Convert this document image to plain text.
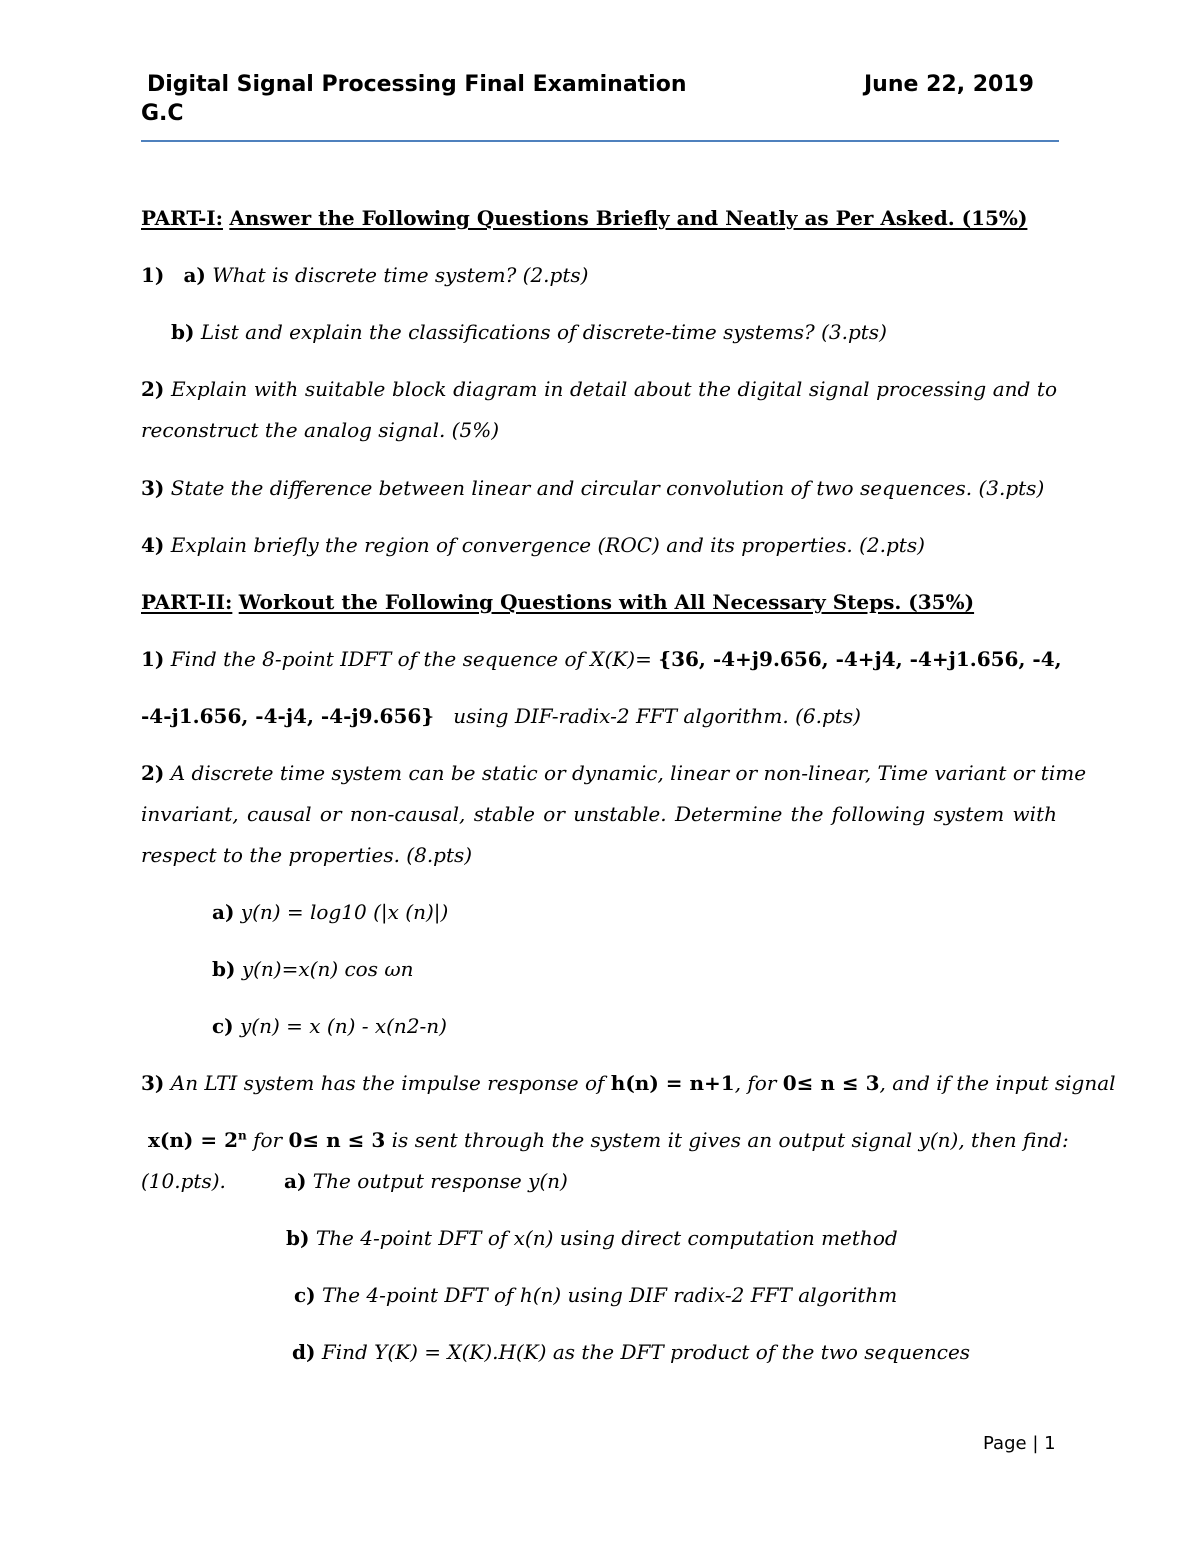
Digital Signal Processing Final Examination	June 22, 2019
G.C
PART-I: Answer the Following Questions Briefly and Neatly as Per Asked. (15%)
1) a) What is discrete time system? (2.pts)
b) List and explain the classifications of discrete-time systems? (3.pts)
2) Explain with suitable block diagram in detail about the digital signal processing and to
reconstruct the analog signal. (5%)
3) State the difference between linear and circular convolution of two sequences. (3.pts)
4) Explain briefly the region of convergence (ROC) and its properties. (2.pts)
PART-II: Workout the Following Questions with All Necessary Steps. (35%)
1) Find the 8-point IDFT of the sequence of X(K)= {36, -4+j9.656, -4+j4, -4+j1.656, -4,
-4-j1.656, -4-j4, -4-j9.656} using DIF-radix-2 FFT algorithm. (6.pts)
2) A discrete time system can be static or dynamic, linear or non-linear, Time variant or time
invariant, causal or non-causal, stable or unstable. Determine the following system with
respect to the properties. (8.pts)
a) y(n) = log10 (|x (n)|)
b) y(n)=x(n) cos ωn
c) y(n) = x (n) - x(n2-n)
3) An LTI system has the impulse response of h(n) = n+1, for 0≤ n ≤ 3, and if the input signal
$x(n) = 2^n$ for 0≤ n ≤ 3 is sent through the system it gives an output signal y(n), then find:
(10.pts).	a) The output response y(n)
b) The 4-point DFT of x(n) using direct computation method
c) The 4-point DFT of h(n) using DIF radix-2 FFT algorithm
d) Find Y(K) = X(K).H(K) as the DFT product of the two sequences
Page | 1
